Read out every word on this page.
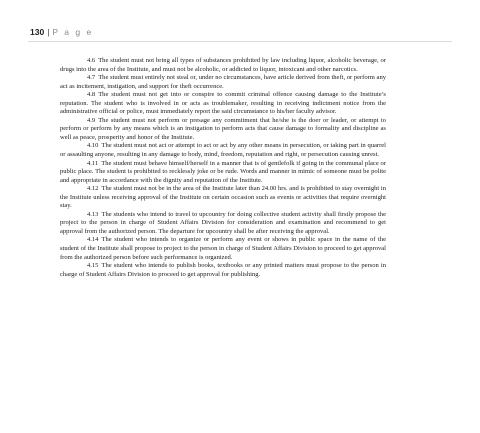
130 | P a g e

4.6 The student must not bring all types of substances prohibited by law including liquor, alcoholic beverage, or drugs into the area of the Institute, and must not be alcoholic, or addicted to liquor, intoxicant and other narcotics.

4.7 The student must entirely not steal or, under no circumstances, have article derived from theft, or perform any act as incitement, instigation, and support for theft occurrence.

4.8 The student must not get into or conspire to commit criminal offence causing damage to the Institute’s reputation. The student who is involved in or acts as troublemaker, resulting in receiving indictment notice from the administrative official or police, must immediately report the said circumstance to his/her faculty advisor.

4.9 The student must not perform or presage any commitment that he/she is the doer or leader, or attempt to perform or perform by any means which is an instigation to perform acts that cause damage to formality and discipline as well as peace, prosperity and honor of the Institute.

4.10 The student must not act or attempt to act or act by any other means in persecution, or taking part in quarrel or assaulting anyone, resulting in any damage to body, mind, freedom, reputation and right, or persecution causing unrest.

4.11 The student must behave himself/herself in a manner that is of gentlefolk if going in the communal place or public place. The student is prohibited to recklessly joke or be rude. Words and manner in mimic of someone must be polite and appropriate in accordance with the dignity and reputation of the Institute.

4.12 The student must not be in the area of the Institute later than 24.00 hrs. and is prohibited to stay overnight in the Institute unless receiving approval of the Institute on certain occasion such as events or activities that require overnight stay.

4.13 The students who intend to travel to upcountry for doing collective student activity shall firstly propose the project to the person in charge of Student Affairs Division for consideration and examination and recommend to get approval from the authorized person. The departure for upcountry shall be after receiving the approval.

4.14 The student who intends to organize or perform any event or shows in public space in the name of the student of the Institute shall propose to project to the person in charge of Student Affairs Division to proceed to get approval from the authorized person before such performance is organized.

4.15 The student who intends to publish books, textbooks or any printed matters must propose to the person in charge of Student Affairs Division to proceed to get approval for publishing.
